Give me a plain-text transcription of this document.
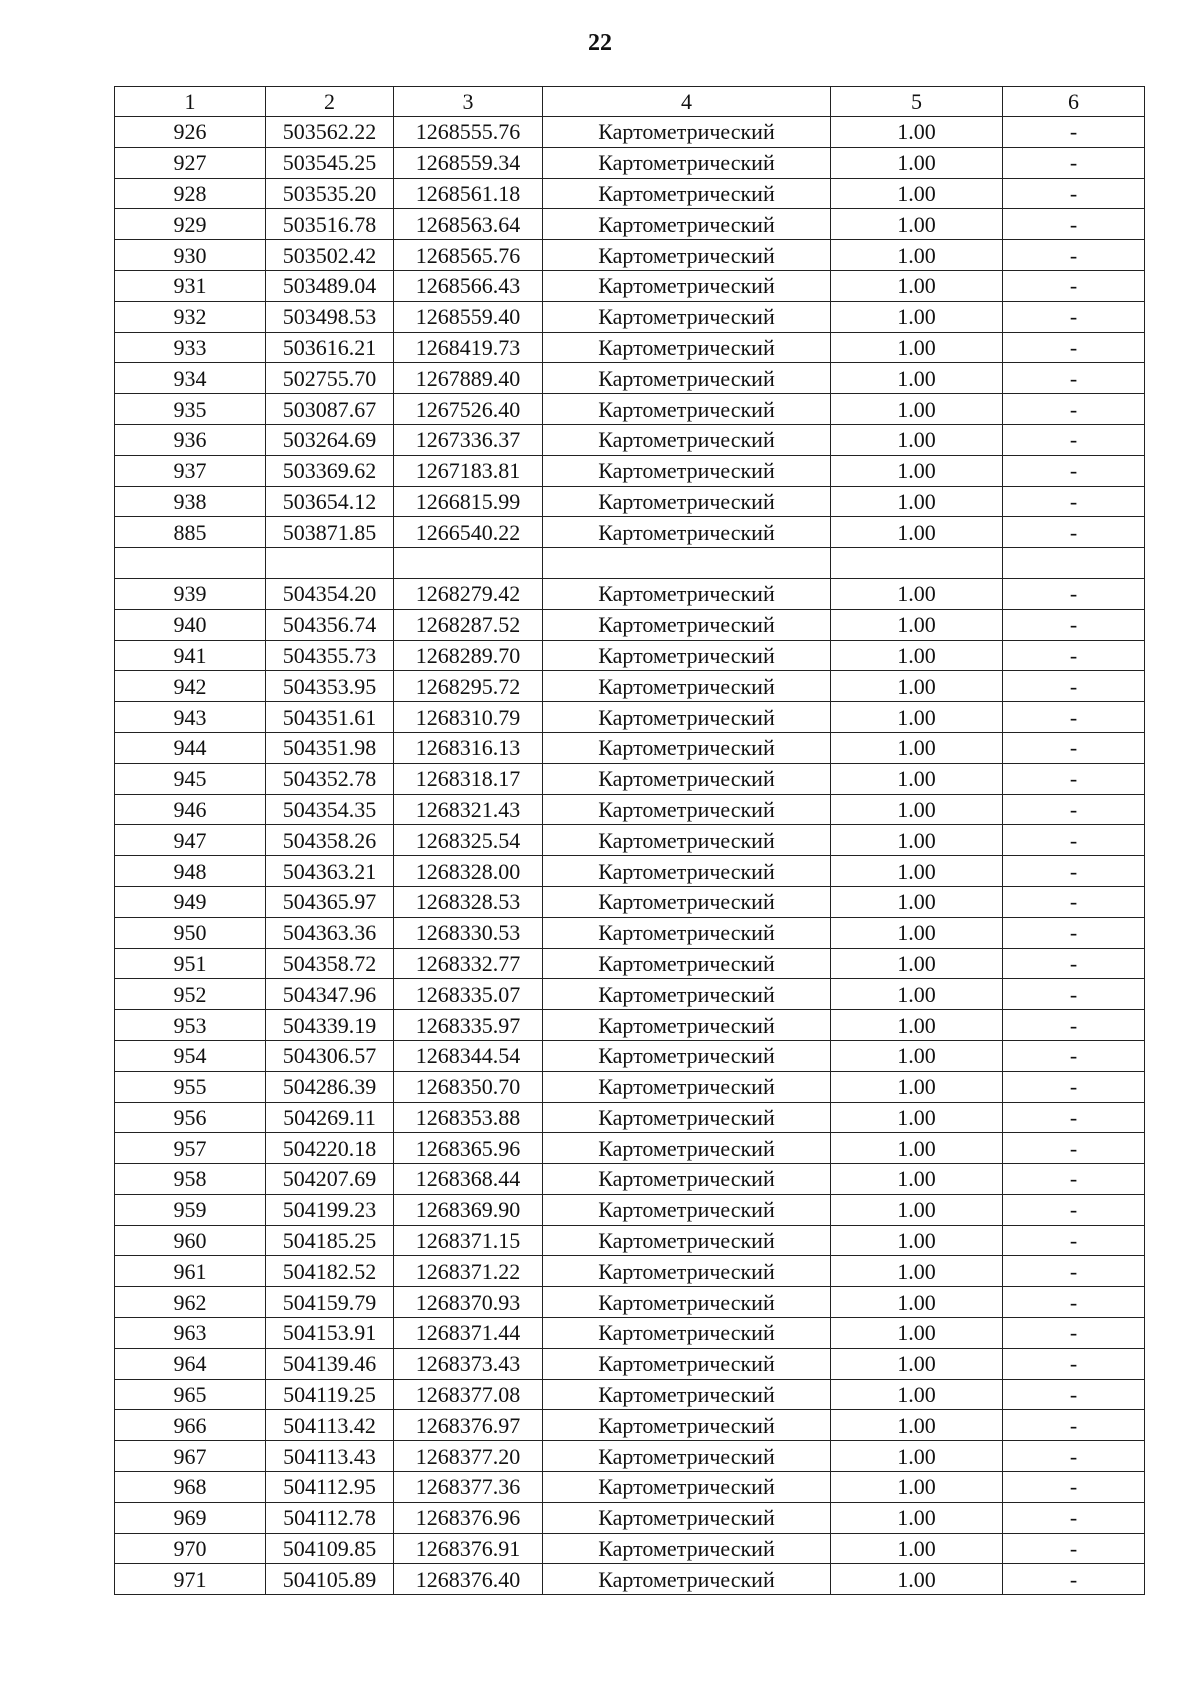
22
1	2	3	4	5	6
926	503562.22	1268555.76	Картометрический	1.00	-
927	503545.25	1268559.34	Картометрический	1.00	-
928	503535.20	1268561.18	Картометрический	1.00	-
929	503516.78	1268563.64	Картометрический	1.00	-
930	503502.42	1268565.76	Картометрический	1.00	-
931	503489.04	1268566.43	Картометрический	1.00	-
932	503498.53	1268559.40	Картометрический	1.00	-
933	503616.21	1268419.73	Картометрический	1.00	-
934	502755.70	1267889.40	Картометрический	1.00	-
935	503087.67	1267526.40	Картометрический	1.00	-
936	503264.69	1267336.37	Картометрический	1.00	-
937	503369.62	1267183.81	Картометрический	1.00	-
938	503654.12	1266815.99	Картометрический	1.00	-
885	503871.85	1266540.22	Картометрический	1.00	-

939	504354.20	1268279.42	Картометрический	1.00	-
940	504356.74	1268287.52	Картометрический	1.00	-
941	504355.73	1268289.70	Картометрический	1.00	-
942	504353.95	1268295.72	Картометрический	1.00	-
943	504351.61	1268310.79	Картометрический	1.00	-
944	504351.98	1268316.13	Картометрический	1.00	-
945	504352.78	1268318.17	Картометрический	1.00	-
946	504354.35	1268321.43	Картометрический	1.00	-
947	504358.26	1268325.54	Картометрический	1.00	-
948	504363.21	1268328.00	Картометрический	1.00	-
949	504365.97	1268328.53	Картометрический	1.00	-
950	504363.36	1268330.53	Картометрический	1.00	-
951	504358.72	1268332.77	Картометрический	1.00	-
952	504347.96	1268335.07	Картометрический	1.00	-
953	504339.19	1268335.97	Картометрический	1.00	-
954	504306.57	1268344.54	Картометрический	1.00	-
955	504286.39	1268350.70	Картометрический	1.00	-
956	504269.11	1268353.88	Картометрический	1.00	-
957	504220.18	1268365.96	Картометрический	1.00	-
958	504207.69	1268368.44	Картометрический	1.00	-
959	504199.23	1268369.90	Картометрический	1.00	-
960	504185.25	1268371.15	Картометрический	1.00	-
961	504182.52	1268371.22	Картометрический	1.00	-
962	504159.79	1268370.93	Картометрический	1.00	-
963	504153.91	1268371.44	Картометрический	1.00	-
964	504139.46	1268373.43	Картометрический	1.00	-
965	504119.25	1268377.08	Картометрический	1.00	-
966	504113.42	1268376.97	Картометрический	1.00	-
967	504113.43	1268377.20	Картометрический	1.00	-
968	504112.95	1268377.36	Картометрический	1.00	-
969	504112.78	1268376.96	Картометрический	1.00	-
970	504109.85	1268376.91	Картометрический	1.00	-
971	504105.89	1268376.40	Картометрический	1.00	-
